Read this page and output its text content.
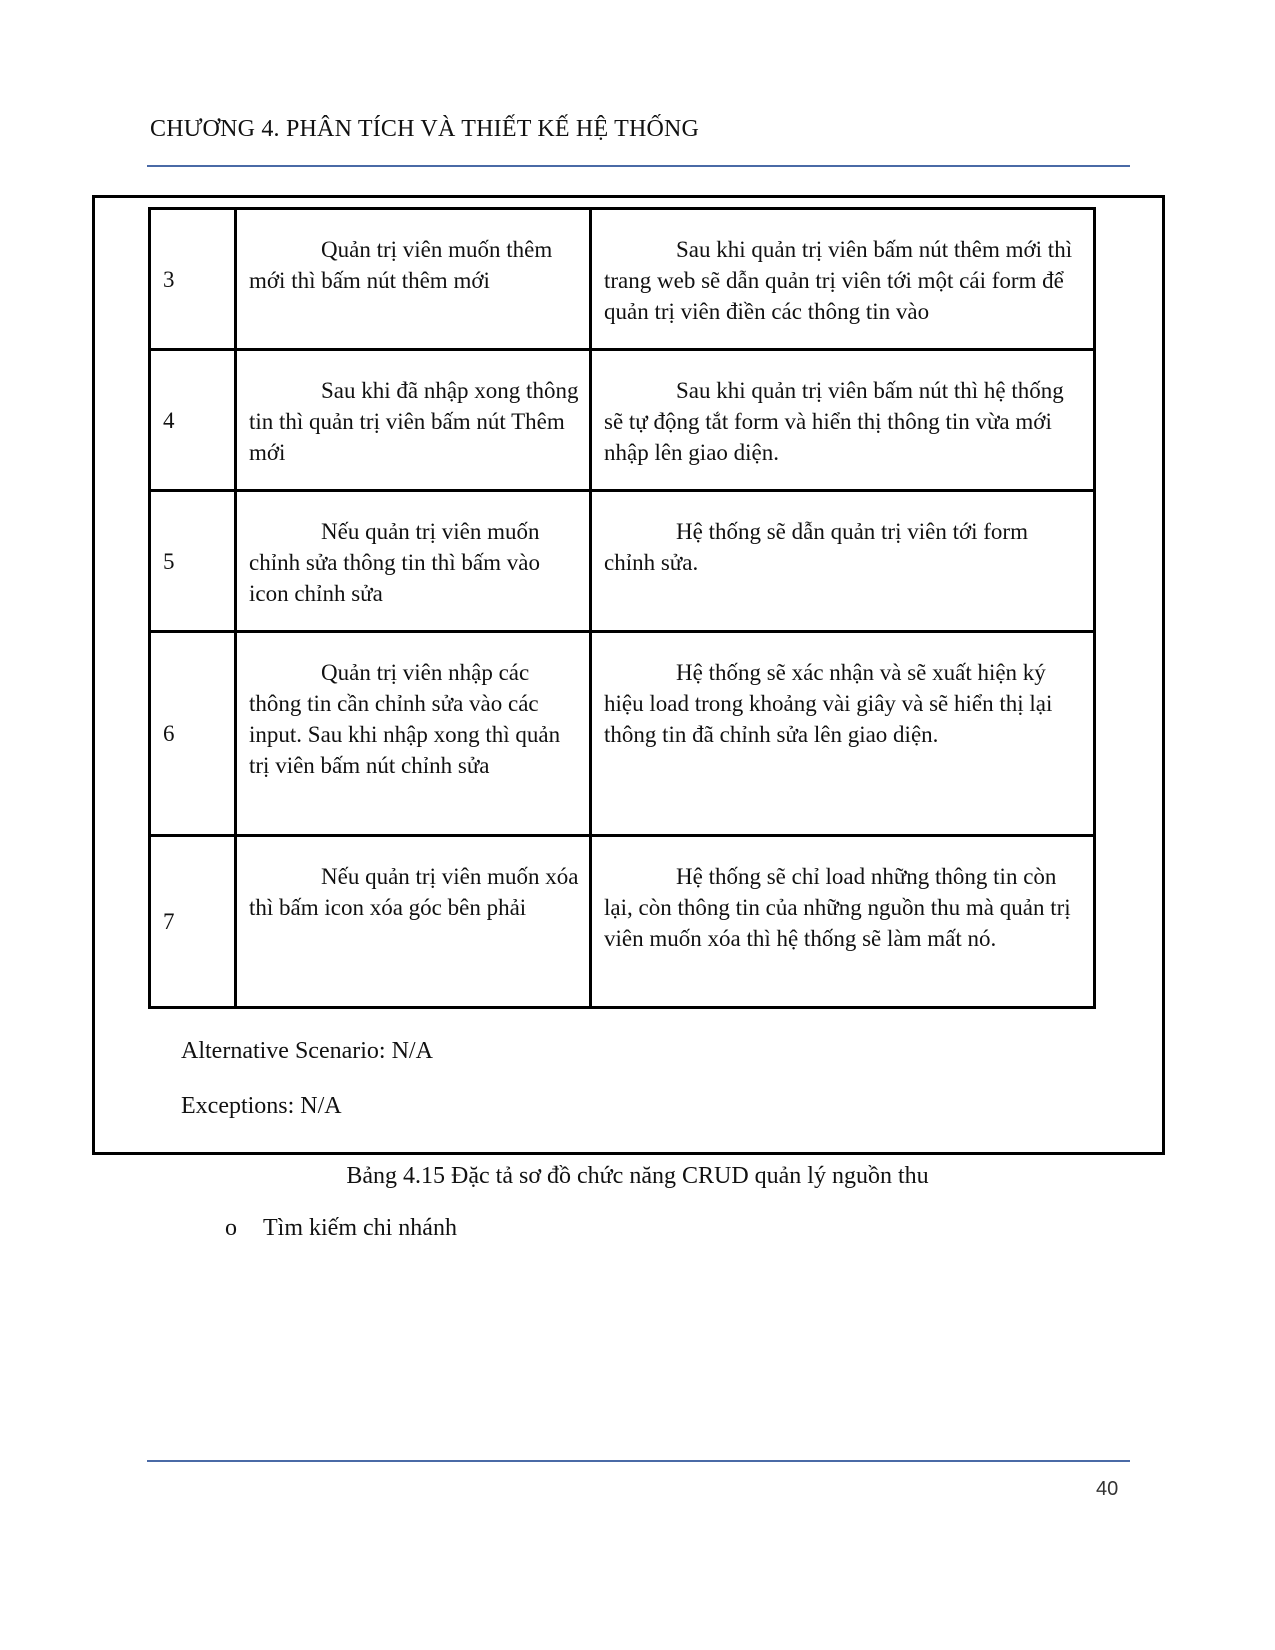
CHƯƠNG 4. PHÂN TÍCH VÀ THIẾT KẾ HỆ THỐNG
3	Quản trị viên muốn thêm mới thì bấm nút thêm mới	Sau khi quản trị viên bấm nút thêm mới thì trang web sẽ dẫn quản trị viên tới một cái form để quản trị viên điền các thông tin vào
4	Sau khi đã nhập xong thông tin thì quản trị viên bấm nút Thêm mới	Sau khi quản trị viên bấm nút thì hệ thống sẽ tự động tắt form và hiển thị thông tin vừa mới nhập lên giao diện.
5	Nếu quản trị viên muốn chỉnh sửa thông tin thì bấm vào icon chỉnh sửa	Hệ thống sẽ dẫn quản trị viên tới form chỉnh sửa.
6	Quản trị viên nhập các thông tin cần chỉnh sửa vào các input. Sau khi nhập xong thì quản trị viên bấm nút chỉnh sửa	Hệ thống sẽ xác nhận và sẽ xuất hiện ký hiệu load trong khoảng vài giây và sẽ hiển thị lại thông tin đã chỉnh sửa lên giao diện.
7	Nếu quản trị viên muốn xóa thì bấm icon xóa góc bên phải	Hệ thống sẽ chỉ load những thông tin còn lại, còn thông tin của những nguồn thu mà quản trị viên muốn xóa thì hệ thống sẽ làm mất nó.
Alternative Scenario: N/A
Exceptions: N/A
Bảng 4.15 Đặc tả sơ đồ chức năng CRUD quản lý nguồn thu
o Tìm kiếm chi nhánh
40
